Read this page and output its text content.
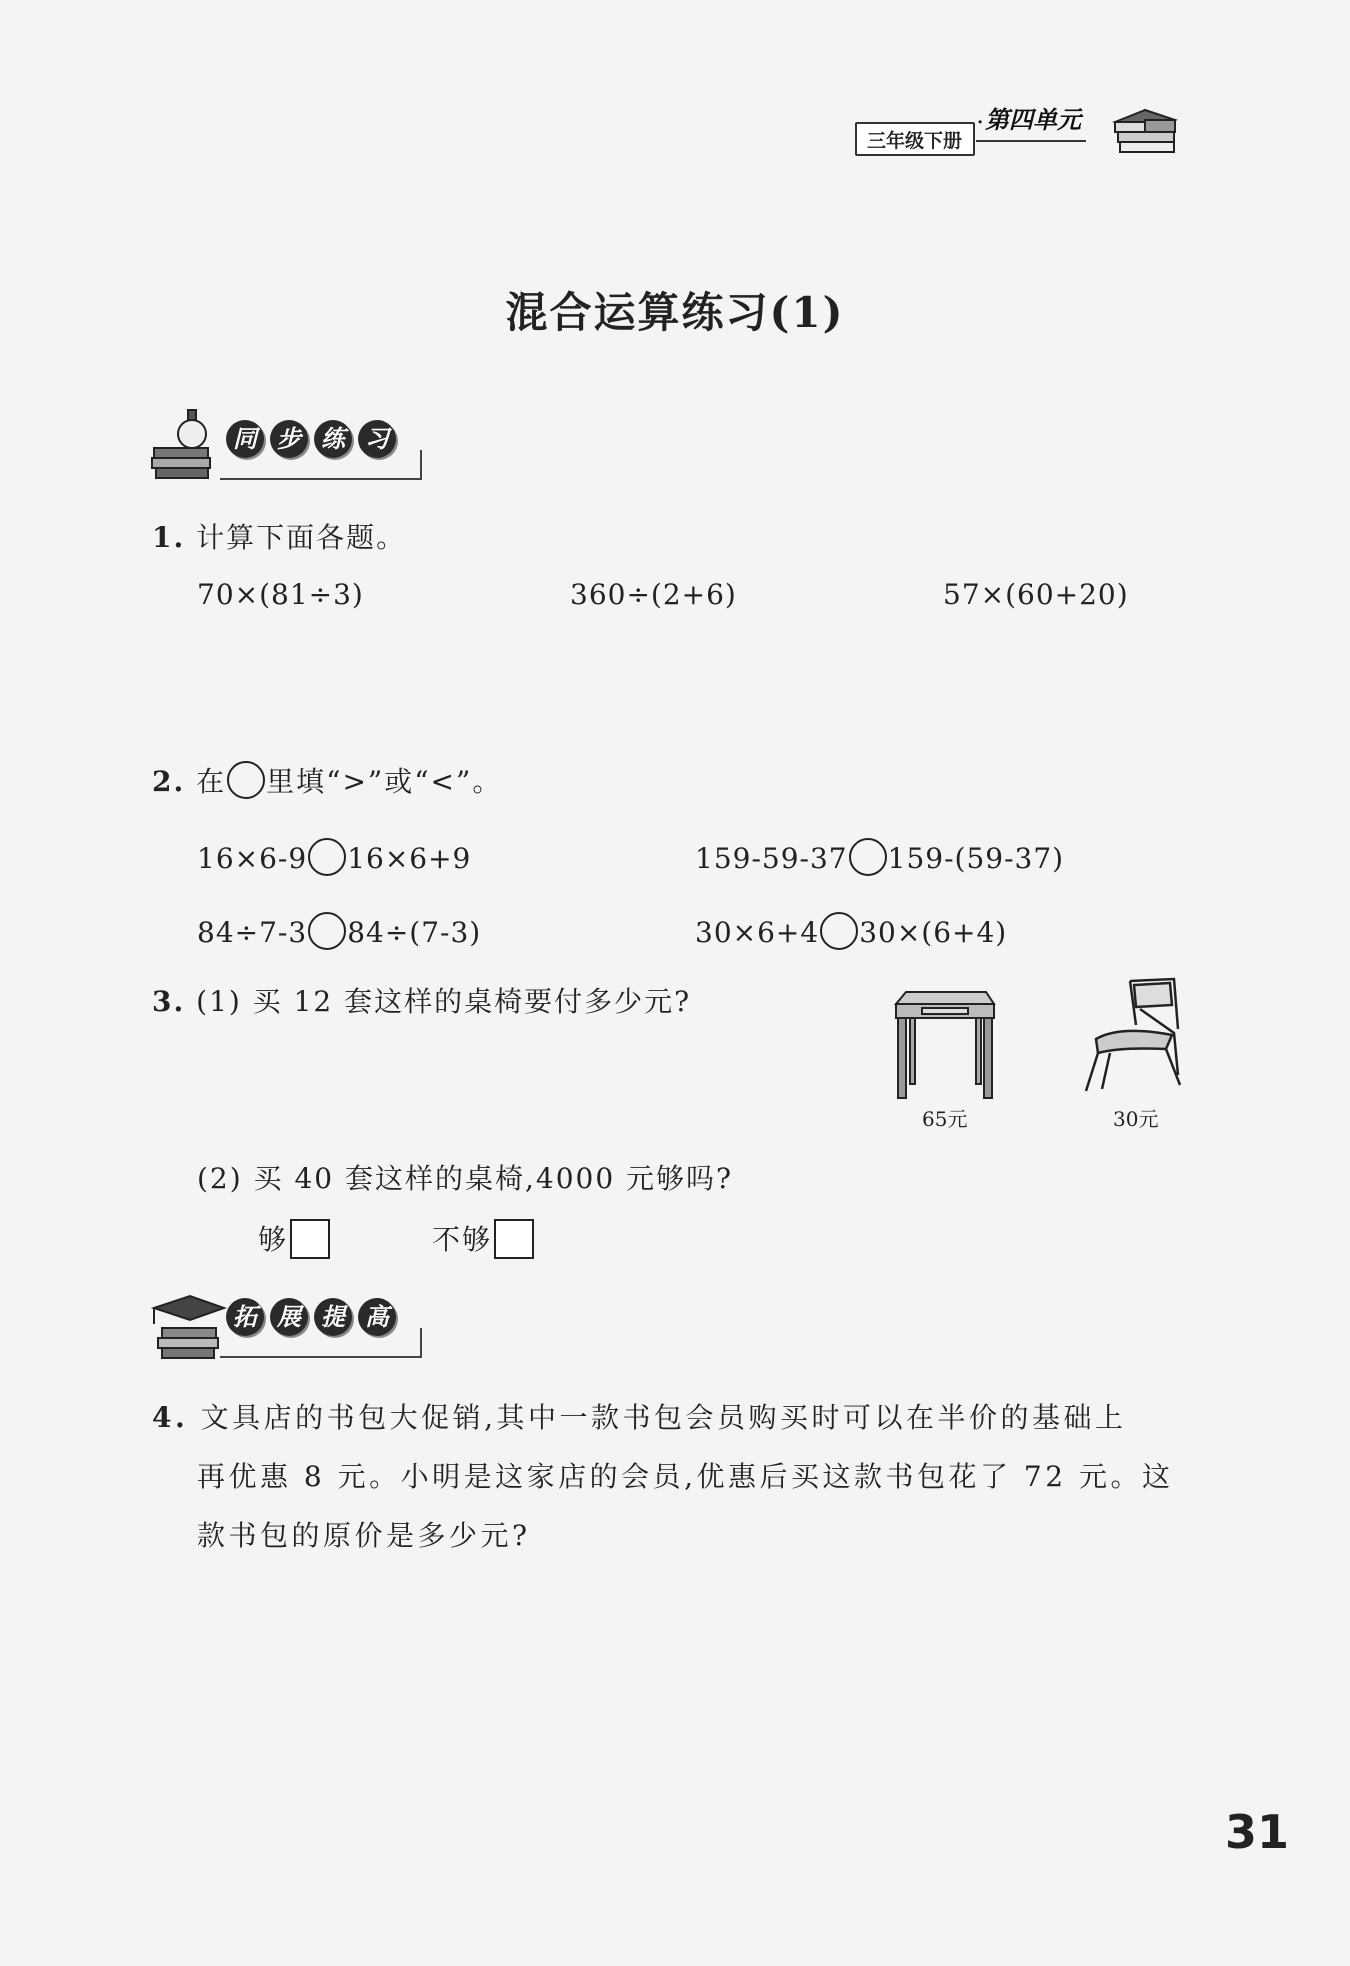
三年级下册
· 第四单元
混合运算练习(1)
同 步 练 习
1. 计算下面各题。
70×(81÷3)	360÷(2+6)	57×(60+20)
2. 在 里填“>”或“<”。
16×6-9 16×6+9	159-59-37 159-(59-37)
84÷7-3 84÷(7-3)	30×6+4 30×(6+4)
3. (1) 买 12 套这样的桌椅要付多少元?
65元	30元
(2) 买 40 套这样的桌椅,4000 元够吗?
够	不够
拓 展 提 高
4. 文具店的书包大促销,其中一款书包会员购买时可以在半价的基础上
再优惠 8 元。小明是这家店的会员,优惠后买这款书包花了 72 元。这
款书包的原价是多少元?
31
